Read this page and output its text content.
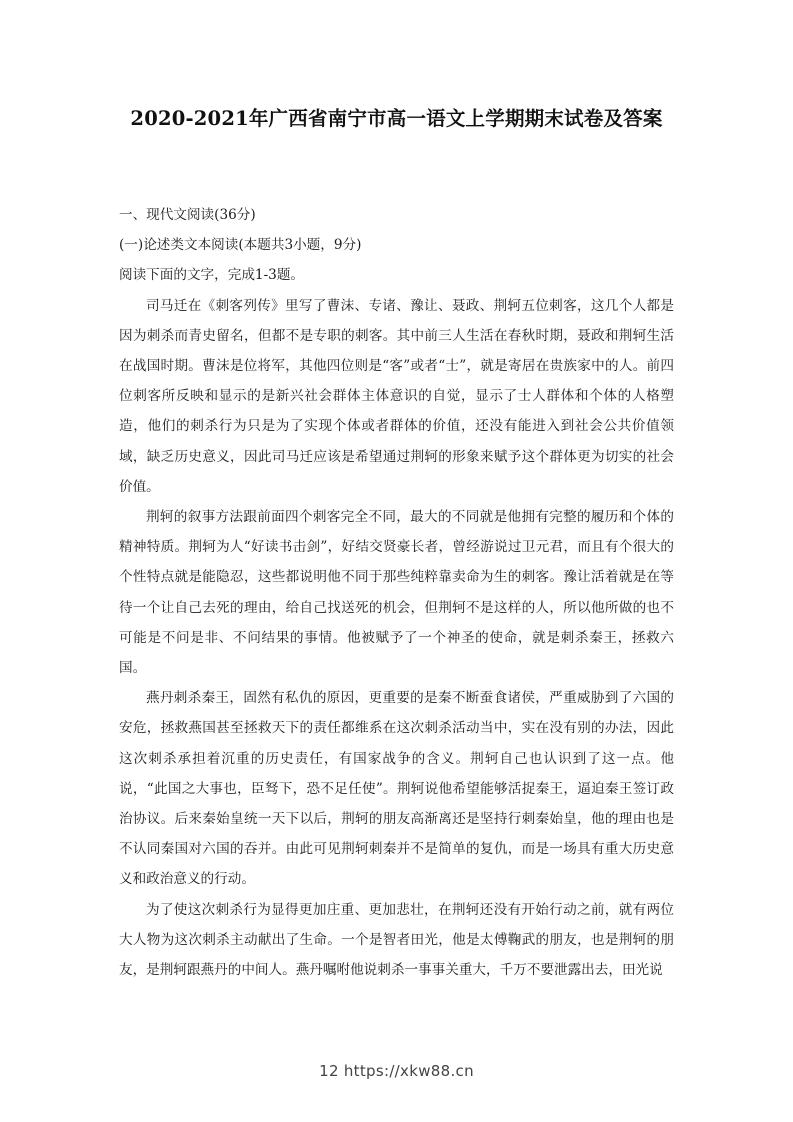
2020-2021年广西省南宁市高一语文上学期期末试卷及答案

一、现代文阅读(36分)

(一)论述类文本阅读(本题共3小题，9分)

阅读下面的文字，完成1-3题。

司马迁在《刺客列传》里写了曹沫、专诸、豫让、聂政、荆轲五位刺客，这几个人都是因为刺杀而青史留名，但都不是专职的刺客。其中前三人生活在春秋时期，聂政和荆轲生活在战国时期。曹沫是位将军，其他四位则是“客”或者“士”，就是寄居在贵族家中的人。前四位刺客所反映和显示的是新兴社会群体主体意识的自觉，显示了士人群体和个体的人格塑造，他们的刺杀行为只是为了实现个体或者群体的价值，还没有能进入到社会公共价值领域，缺乏历史意义，因此司马迁应该是希望通过荆轲的形象来赋予这个群体更为切实的社会价值。

荆轲的叙事方法跟前面四个刺客完全不同，最大的不同就是他拥有完整的履历和个体的精神特质。荆轲为人“好读书击剑”，好结交贤豪长者，曾经游说过卫元君，而且有个很大的个性特点就是能隐忍，这些都说明他不同于那些纯粹靠卖命为生的刺客。豫让活着就是在等待一个让自己去死的理由，给自己找送死的机会，但荆轲不是这样的人，所以他所做的也不可能是不问是非、不问结果的事情。他被赋予了一个神圣的使命，就是刺杀秦王，拯救六国。

燕丹刺杀秦王，固然有私仇的原因，更重要的是秦不断蚕食诸侯，严重威胁到了六国的安危，拯救燕国甚至拯救天下的责任都维系在这次刺杀活动当中，实在没有别的办法，因此这次刺杀承担着沉重的历史责任，有国家战争的含义。荆轲自己也认识到了这一点。他说，“此国之大事也，臣驽下，恐不足任使”。荆轲说他希望能够活捉秦王，逼迫秦王签订政治协议。后来秦始皇统一天下以后，荆轲的朋友高渐离还是坚持行刺秦始皇，他的理由也是不认同秦国对六国的吞并。由此可见荆轲刺秦并不是简单的复仇，而是一场具有重大历史意义和政治意义的行动。

为了使这次刺杀行为显得更加庄重、更加悲壮，在荆轲还没有开始行动之前，就有两位大人物为这次刺杀主动献出了生命。一个是智者田光，他是太傅鞠武的朋友，也是荆轲的朋友，是荆轲跟燕丹的中间人。燕丹嘱咐他说刺杀一事事关重大，千万不要泄露出去，田光说

12 https://xkw88.cn
